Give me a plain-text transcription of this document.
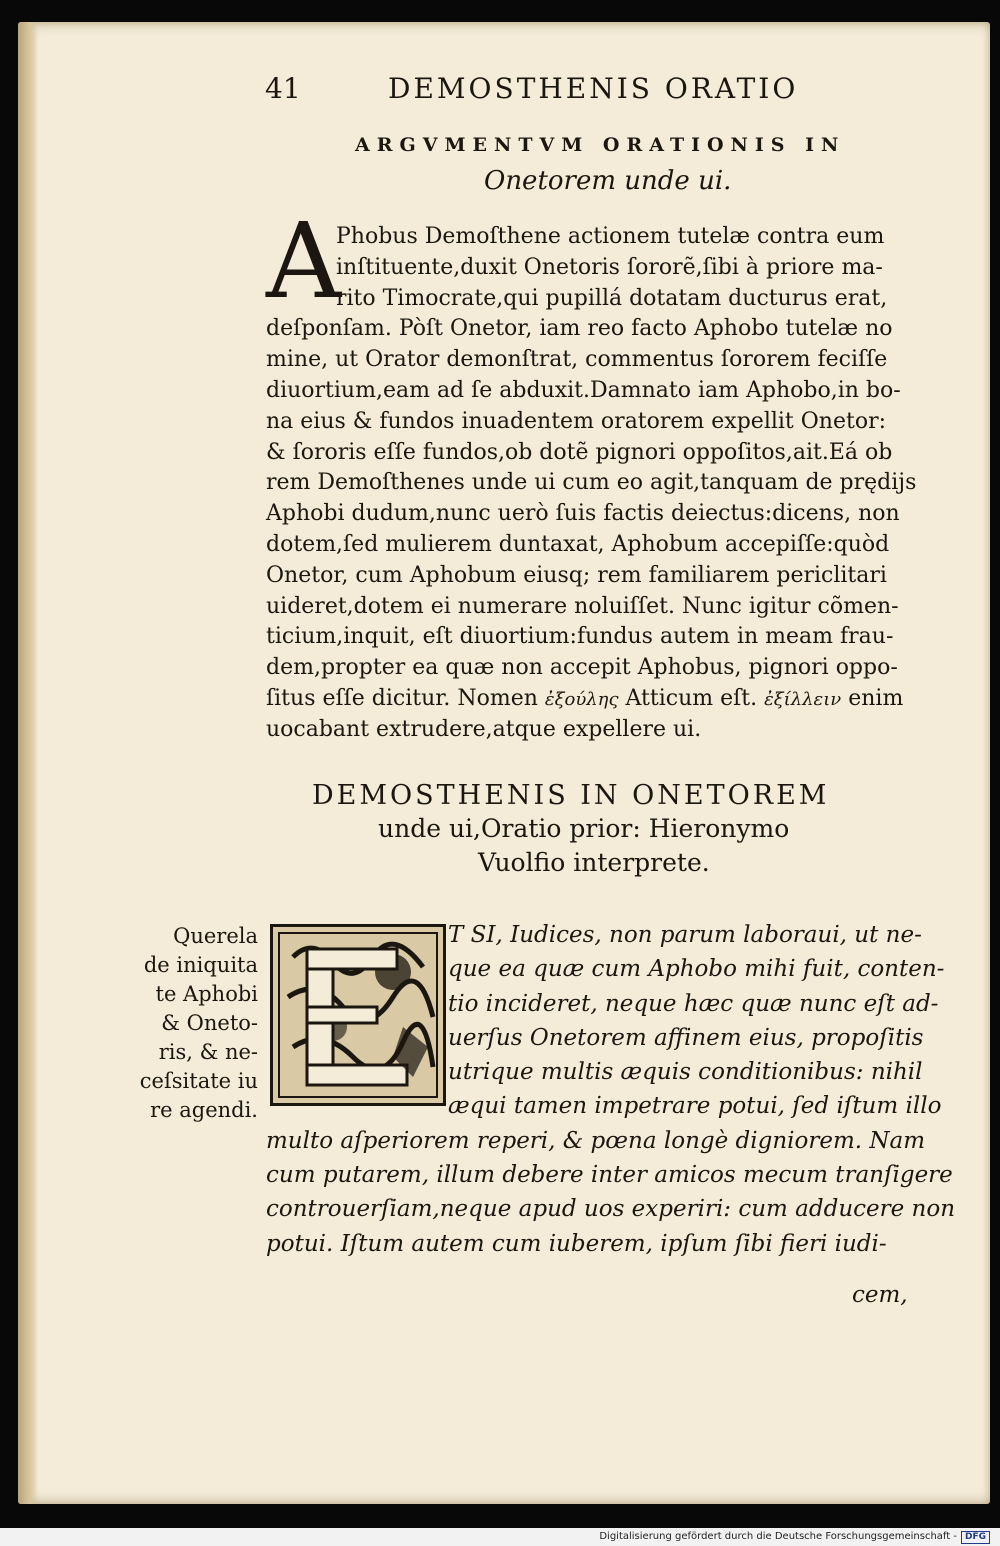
41	DEMOSTHENIS ORATIO
ARGVMENTVM ORATIONIS IN
Onetorem unde ui.
A
Phobus Demoſthene actionem tutelæ contra eum
inſtituente,duxit Onetoris ſororẽ,ſibi à priore ma-
rito Timocrate,qui pupillá dotatam ducturus erat,
deſponſam. Pòſt Onetor, iam reo facto Aphobo tutelæ no
mine, ut Orator demonſtrat, commentus ſororem feciſſe
diuortium,eam ad ſe abduxit.Damnato iam Aphobo,in bo-
na eius & fundos inuadentem oratorem expellit Onetor:
& ſororis eſſe fundos,ob dotẽ pignori oppoſitos,ait.Eá ob
rem Demoſthenes unde ui cum eo agit,tanquam de prędijs
Aphobi dudum,nunc uerò ſuis factis deiectus:dicens, non
dotem,ſed mulierem duntaxat, Aphobum accepiſſe:quòd
Onetor, cum Aphobum eiusq; rem familiarem periclitari
uideret,dotem ei numerare noluiſſet. Nunc igitur cõmen-
ticium,inquit, eſt diuortium:fundus autem in meam frau-
dem,propter ea quæ non accepit Aphobus, pignori oppo-
ſitus eſſe dicitur. Nomen ἐξούλης Atticum eſt. ἐξίλλειν enim
uocabant extrudere,atque expellere ui.
DEMOSTHENIS IN ONETOREM
unde ui,Oratio prior: Hieronymo
Vuolfio interprete.
Querela
de iniquita
te Aphobi
& Oneto-
ris, & ne-
ceſsitate iu
re agendi.
T SI, Iudices, non parum laboraui, ut ne-
que ea quæ cum Aphobo mihi fuit, conten-
tio incideret, neque hæc quæ nunc eſt ad-
uerſus Onetorem affinem eius, propoſitis
utrique multis æquis conditionibus: nihil
æqui tamen impetrare potui, ſed iſtum illo
multo aſperiorem reperi, & pœna longè digniorem. Nam
cum putarem, illum debere inter amicos mecum tranſigere
controuerſiam,neque apud uos experiri: cum adducere non
potui. Iſtum autem cum iuberem, ipſum ſibi fieri iudi-
cem,
Digitalisierung gefördert durch die Deutsche Forschungsgemeinschaft - DFG
